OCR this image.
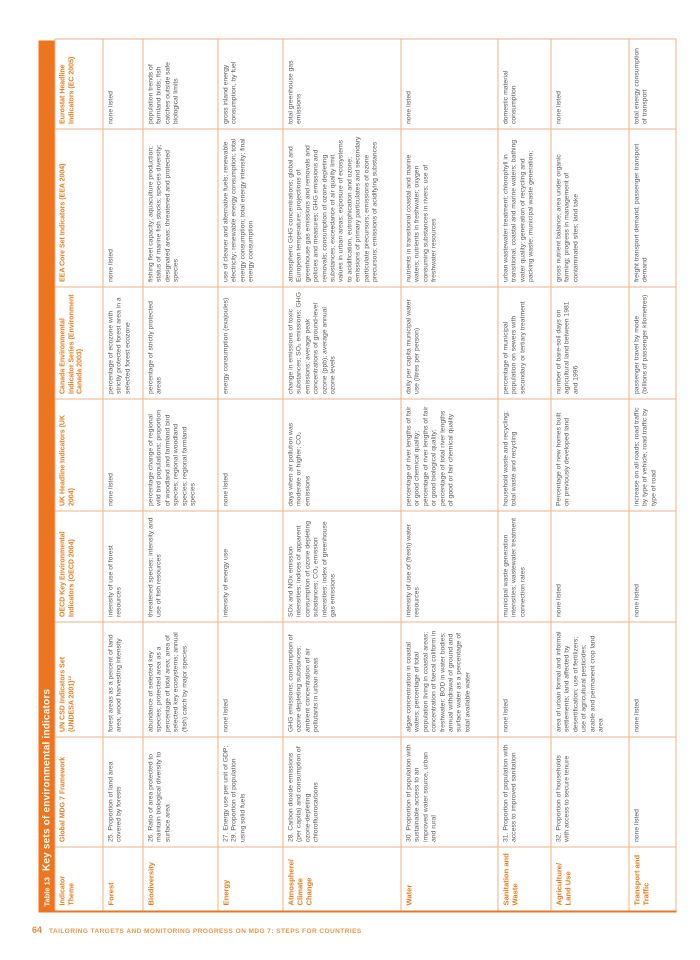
Table 13
Key sets of environmental indicators
Indicator Theme	Global MDG 7 Framework	UN CSD Indicators Set (UNDESA 2001)¹²	OECD Key Environmental Indicators (OECD 2004)	UK Headline Indicators (UK 2004)	Canada Environmental Indicator Series (Environment Canada 2003)	EEA Core Set Indicators (EEA 2004)	Eurostat Headline Indicators (EC 2005)
Forest	25. Proportion of land area covered by forests	forest areas as a percent of land area; wood harvesting intensity	intensity of use of forest resources	none listed	percentage of ecozone with strictly protected forest area in a selected forest ecozone	none listed	none listed
Biodiversity	26. Ratio of area protected to maintain biological diversity to surface area	abundance of selected key species; protected area as a percentage of total area; area of selected key ecosystems; annual (fish) catch by major species	threatened species; intensity and use of fish resources	percentage change of regional wild bird populations; proportion of woodland and farmland bird species; regional woodland species; regional farmland species	percentage of strictly protected areas	fishing fleet capacity; aquaculture production; status of marine fish stocks; species diversity; designated areas; threatened and protected species	population trends of farmland birds; fish catches outside safe biological limits
Energy	27. Energy use per unit of GDP; 29. Proportion of population using solid fuels	none listed	intensity of energy use	none listed	energy consumption (exajoules)	use of cleaner and alternative fuels; renewable electricity; renewable energy consumption; total energy consumption; total energy intensity; final energy consumption	gross inland energy consumption, by fuel
Atmosphere/ Climate Change	28. Carbon dioxide emissions (per capita) and consumption of ozone-depleting chlorofluorocarbons	GHG emissions; consumption of ozone depleting substances; ambient concentration of air pollutants in urban areas	SOx and NOx emission intensities; indices of apparent consumption of ozone depleting substances; CO₂ emission intensities; index of greenhouse gas emissions	days when air pollution was moderate or higher; CO₂ emissions	change in emissions of toxic substances; SO₂ emissions; GHG emissions; average peak concentrations of ground-level ozone (ppb); average annual ozone levels	atmospheric GHG concentrations; global and European temperature; projections of greenhouse gas emissions and removals and policies and measures; GHG emissions and removals; consumption of ozone depleting substances; exceedance of air quality limit values in urban areas; exposure of ecosystems to acidification, eutrophication and ozone; emissions of primary particulates and secondary particulate precursors; emissions of ozone precursors; emissions of acidifying substances	total greenhouse gas emissions
Water	30. Proportion of population with sustainable access to an improved water source, urban and rural	algae concentration in coastal waters; percentage of total population living in coastal areas; concentration of faecal coliform in freshwater; BOD in water bodies; annual withdrawal of ground and surface water as a percentage of total available water	intensity of use of (fresh) water resources	percentage of river lengths of fair or good chemical quality; percentage of river lengths of fair or good biological quality; percentage of total river lengths of good or fair chemical quality	daily per capita municipal water use (litres per person)	nutrients in transitional coastal and marine waters; nutrients in freshwater; oxygen consuming substances in rivers; use of freshwater resources	none listed
Sanitation and Waste	31. Proportion of population with access to improved sanitation	none listed	municipal waste generation intensities; wastewater treatment connection rates	household waste and recycling; total waste and recycling	percentage of municipal population on sewers with secondary or tertiary treatment	urban wastewater treatment; chlorophyll in transitional, coastal and marine waters; bathing water quality; generation of recycling and packing waste; municipal waste generation;	domestic material consumption
Agriculture/ Land Use	32. Proportion of households with access to secure tenure	area of urban formal and informal settlements; land affected by desertification; use of fertilizers; use of agricultural pesticides; arable and permanent crop land area	none listed	Percentage of new homes built on previously developed land	number of bare-soil days on agricultural land between 1981 and 1996	gross nutrient balance; area under organic farming; progress in management of contaminated sites; land take	none listed
Transport and Traffic	none listed	none listed	none listed	increase on all roads; road traffic by type of vehicle; road traffic by type of road	passenger travel by mode (billions of passenger kilometres)	freight transport demand; passenger transport demand	total energy consumption of transport
64 TAILORING TARGETS AND MONITORING PROGRESS ON MDG 7: STEPS FOR COUNTRIES
